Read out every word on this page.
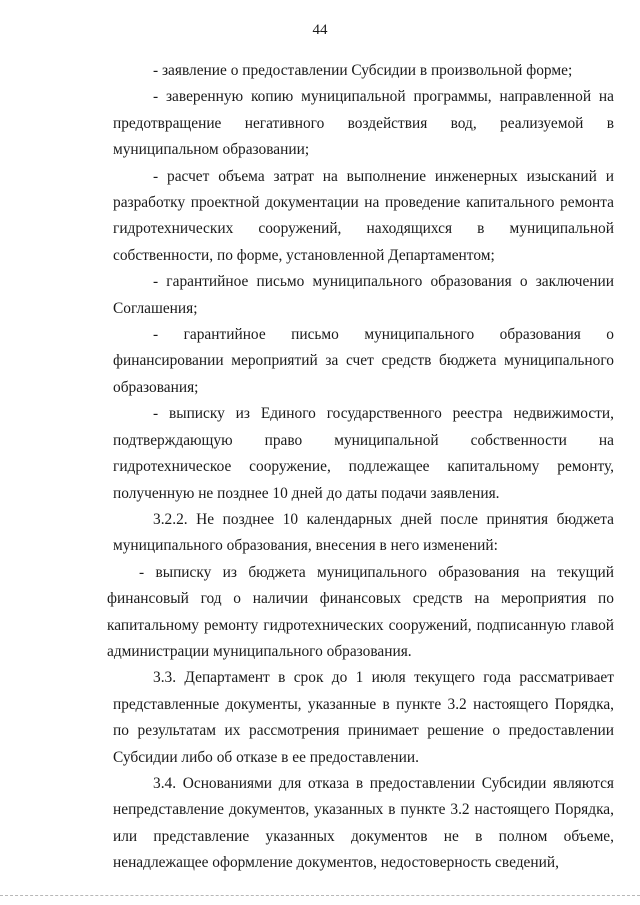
44

- заявление о предоставлении Субсидии в произвольной форме;

- заверенную копию муниципальной программы, направленной на предотвращение негативного воздействия вод, реализуемой в муниципальном образовании;

- расчет объема затрат на выполнение инженерных изысканий и разработку проектной документации на проведение капитального ремонта гидротехнических сооружений, находящихся в муниципальной собственности, по форме, установленной Департаментом;

- гарантийное письмо муниципального образования о заключении Соглашения;

- гарантийное письмо муниципального образования о финансировании мероприятий за счет средств бюджета муниципального образования;

- выписку из Единого государственного реестра недвижимости, подтверждающую право муниципальной собственности на гидротехническое сооружение, подлежащее капитальному ремонту, полученную не позднее 10 дней до даты подачи заявления.

3.2.2. Не позднее 10 календарных дней после принятия бюджета муниципального образования, внесения в него изменений:

- выписку из бюджета муниципального образования на текущий финансовый год о наличии финансовых средств на мероприятия по капитальному ремонту гидротехнических сооружений, подписанную главой администрации муниципального образования.

3.3. Департамент в срок до 1 июля текущего года рассматривает представленные документы, указанные в пункте 3.2 настоящего Порядка, по результатам их рассмотрения принимает решение о предоставлении Субсидии либо об отказе в ее предоставлении.

3.4. Основаниями для отказа в предоставлении Субсидии являются непредставление документов, указанных в пункте 3.2 настоящего Порядка, или представление указанных документов не в полном объеме, ненадлежащее оформление документов, недостоверность сведений,
